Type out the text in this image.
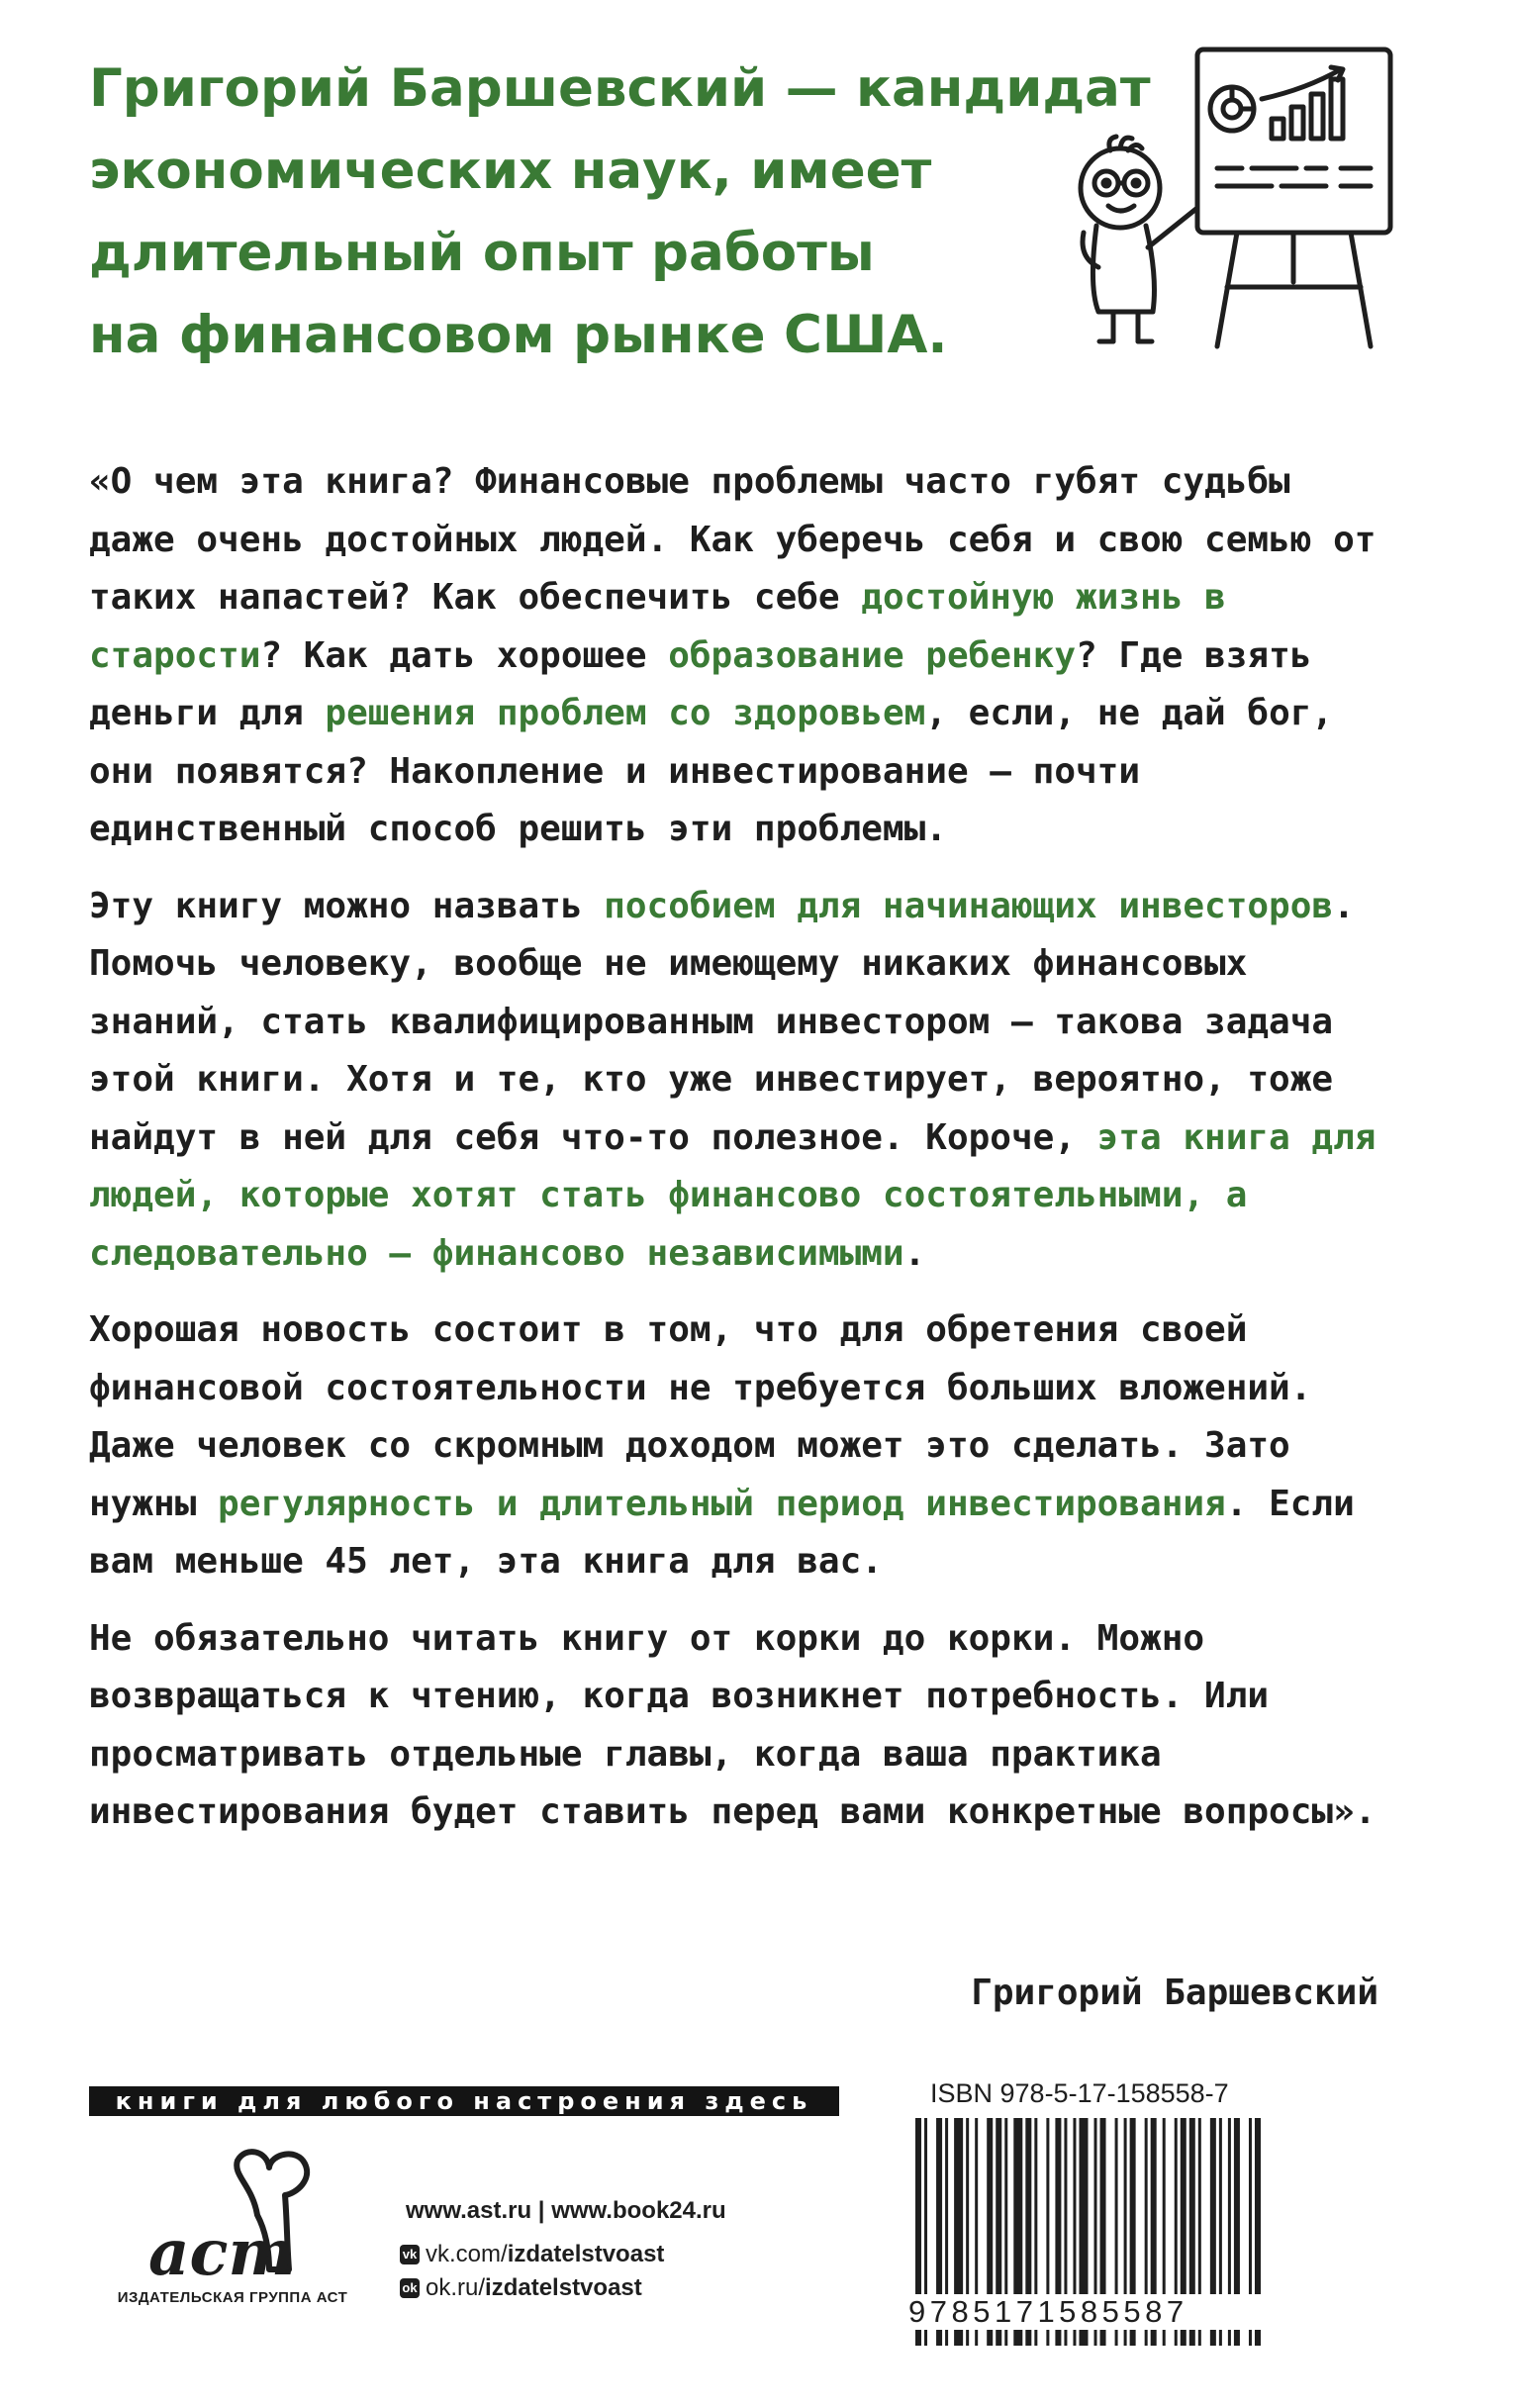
Григорий Баршевский — кандидат
экономических наук, имеет
длительный опыт работы
на финансовом рынке США.

«О чем эта книга? Финансовые проблемы часто губят судьбы даже очень достойных людей. Как уберечь себя и свою семью от таких напастей? Как обеспечить себе достойную жизнь в старости? Как дать хорошее образование ребенку? Где взять деньги для решения проблем со здоровьем, если, не дай бог, они появятся? Накопление и инвестирование — почти единственный способ решить эти проблемы.

Эту книгу можно назвать пособием для начинающих инвесторов. Помочь человеку, вообще не имеющему никаких финансовых знаний, стать квалифицированным инвестором — такова задача этой книги. Хотя и те, кто уже инвестирует, вероятно, тоже найдут в ней для себя что-то полезное. Короче, эта книга для людей, которые хотят стать финансово состоятельными, а следовательно — финансово независимыми.

Хорошая новость состоит в том, что для обретения своей финансовой состоятельности не требуется больших вложений. Даже человек со скромным доходом может это сделать. Зато нужны регулярность и длительный период инвестирования. Если вам меньше 45 лет, эта книга для вас.

Не обязательно читать книгу от корки до корки. Можно возвращаться к чтению, когда возникнет потребность. Или просматривать отдельные главы, когда ваша практика инвестирования будет ставить перед вами конкретные вопросы».

Григорий Баршевский
книги для любого настроения здесь
аст
ИЗДАТЕЛЬСКАЯ ГРУППА АСТ
www.ast.ru | www.book24.ru
vk vk.com/ izdatelstvoast
ok ok.ru/ izdatelstvoast
ISBN 978-5-17-158558-7
9785171585587
